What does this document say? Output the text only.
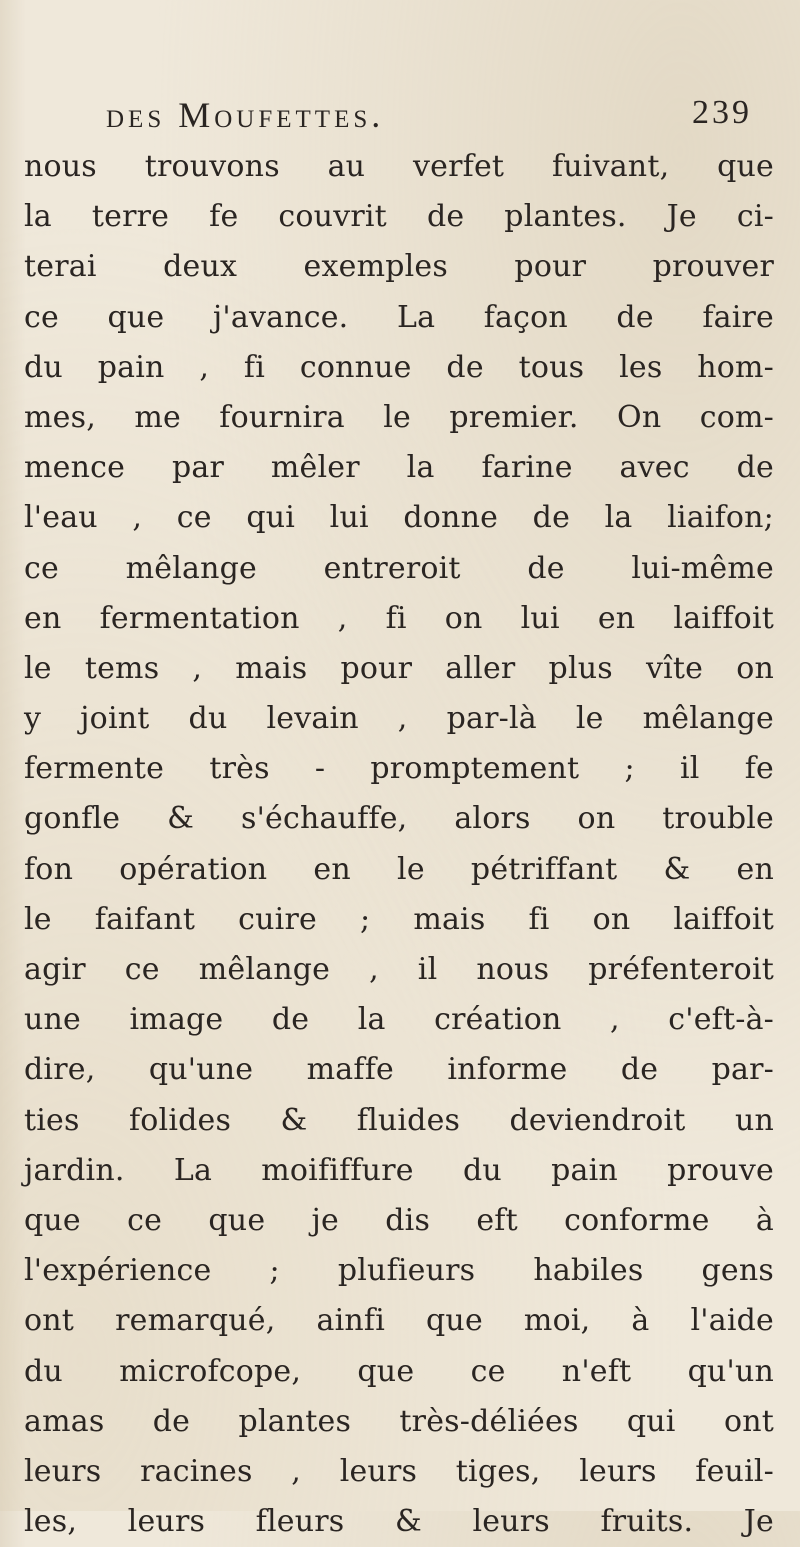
des Moufettes.	239
nous trouvons au verfet fuivant, que
la terre fe couvrit de plantes. Je ci-
terai deux exemples pour prouver
ce que j'avance. La façon de faire
du pain , fi connue de tous les hom-
mes, me fournira le premier. On com-
mence par mêler la farine avec de
l'eau , ce qui lui donne de la liaifon;
ce mêlange entreroit de lui-même
en fermentation , fi on lui en laiffoit
le tems , mais pour aller plus vîte on
y joint du levain , par-là le mêlange
fermente très - promptement ; il fe
gonfle & s'échauffe, alors on trouble
fon opération en le pétriffant & en
le faifant cuire ; mais fi on laiffoit
agir ce mêlange , il nous préfenteroit
une image de la création , c'eft-à-
dire, qu'une maffe informe de par-
ties folides & fluides deviendroit un
jardin. La moififfure du pain prouve
que ce que je dis eft conforme à
l'expérience ; plufieurs habiles gens
ont remarqué, ainfi que moi, à l'aide
du microfcope, que ce n'eft qu'un
amas de plantes très-déliées qui ont
leurs racines , leurs tiges, leurs feuil-
les, leurs fleurs & leurs fruits. Je
